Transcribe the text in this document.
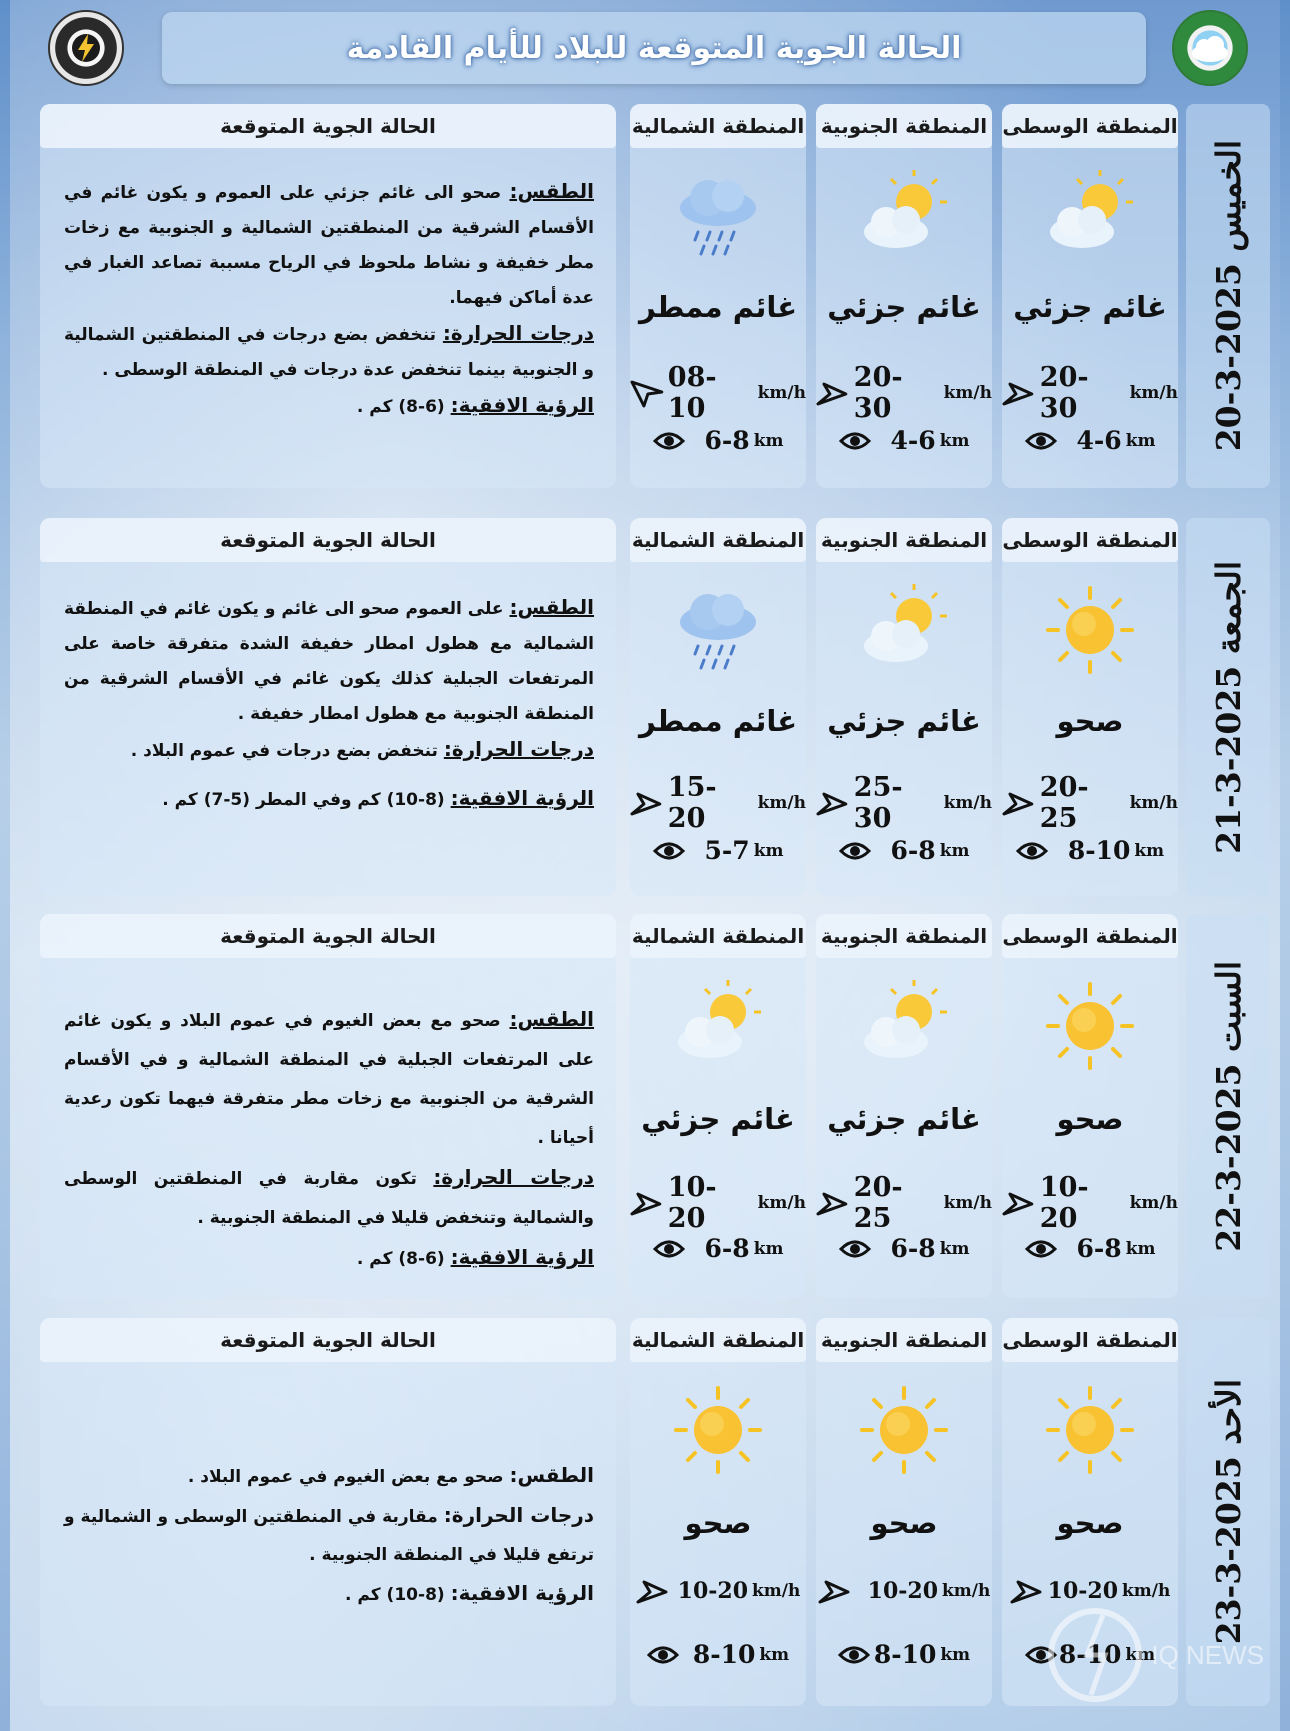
الحالة الجوية المتوقعة للبلاد للأيام القادمة
الخميس 2025-3-20
المنطقة الوسطى
غائم جزئي
20-30	km/h
4-6 km
المنطقة الجنوبية
غائم جزئي
20-30	km/h
4-6 km
المنطقة الشمالية
غائم ممطر
08-10	km/h
6-8 km
الحالة الجوية المتوقعة

الطقس: صحو الى غائم جزئي على العموم و يكون غائم في الأقسام الشرقية من المنطقتين الشمالية و الجنوبية مع زخات مطر خفيفة و نشاط ملحوظ في الرياح مسببة تصاعد الغبار في عدة أماكن فيهما.

درجات الحرارة: تنخفض بضع درجات في المنطقتين الشمالية و الجنوبية بينما تنخفض عدة درجات في المنطقة الوسطى .

الرؤية الافقية: (6-8) كم .

الجمعة 2025-3-21
المنطقة الوسطى
صحو
20-25	km/h
8-10 km
المنطقة الجنوبية
غائم جزئي
25-30	km/h
6-8 km
المنطقة الشمالية
غائم ممطر
15-20	km/h
5-7 km
الحالة الجوية المتوقعة

الطقس: على العموم صحو الى غائم و يكون غائم في المنطقة الشمالية مع هطول امطار خفيفة الشدة متفرقة خاصة على المرتفعات الجبلية كذلك يكون غائم في الأقسام الشرقية من المنطقة الجنوبية مع هطول امطار خفيفة .

درجات الحرارة: تنخفض بضع درجات في عموم البلاد .

الرؤية الافقية: (8-10) كم وفي المطر (5-7) كم .

السبت 2025-3-22
المنطقة الوسطى
صحو
10-20	km/h
6-8 km
المنطقة الجنوبية
غائم جزئي
20-25	km/h
6-8 km
المنطقة الشمالية
غائم جزئي
10-20	km/h
6-8 km
الحالة الجوية المتوقعة

الطقس: صحو مع بعض الغيوم في عموم البلاد و يكون غائم على المرتفعات الجبلية في المنطقة الشمالية و في الأقسام الشرقية من الجنوبية مع زخات مطر متفرقة فيهما تكون رعدية أحيانا .

درجات الحرارة: تكون مقاربة في المنطقتين الوسطى والشمالية وتنخفض قليلا في المنطقة الجنوبية .

الرؤية الافقية: (6-8) كم .

الأحد 2025-3-23
المنطقة الوسطى
صحو
10-20 km/h
8-10 km
المنطقة الجنوبية
صحو
10-20 km/h
8-10 km
المنطقة الشمالية
صحو
10-20 km/h
8-10 km
الحالة الجوية المتوقعة

الطقس: صحو مع بعض الغيوم في عموم البلاد .

درجات الحرارة: مقاربة في المنطقتين الوسطى و الشمالية و ترتفع قليلا في المنطقة الجنوبية .

الرؤية الافقية: (8-10) كم .

IQ NEWS
